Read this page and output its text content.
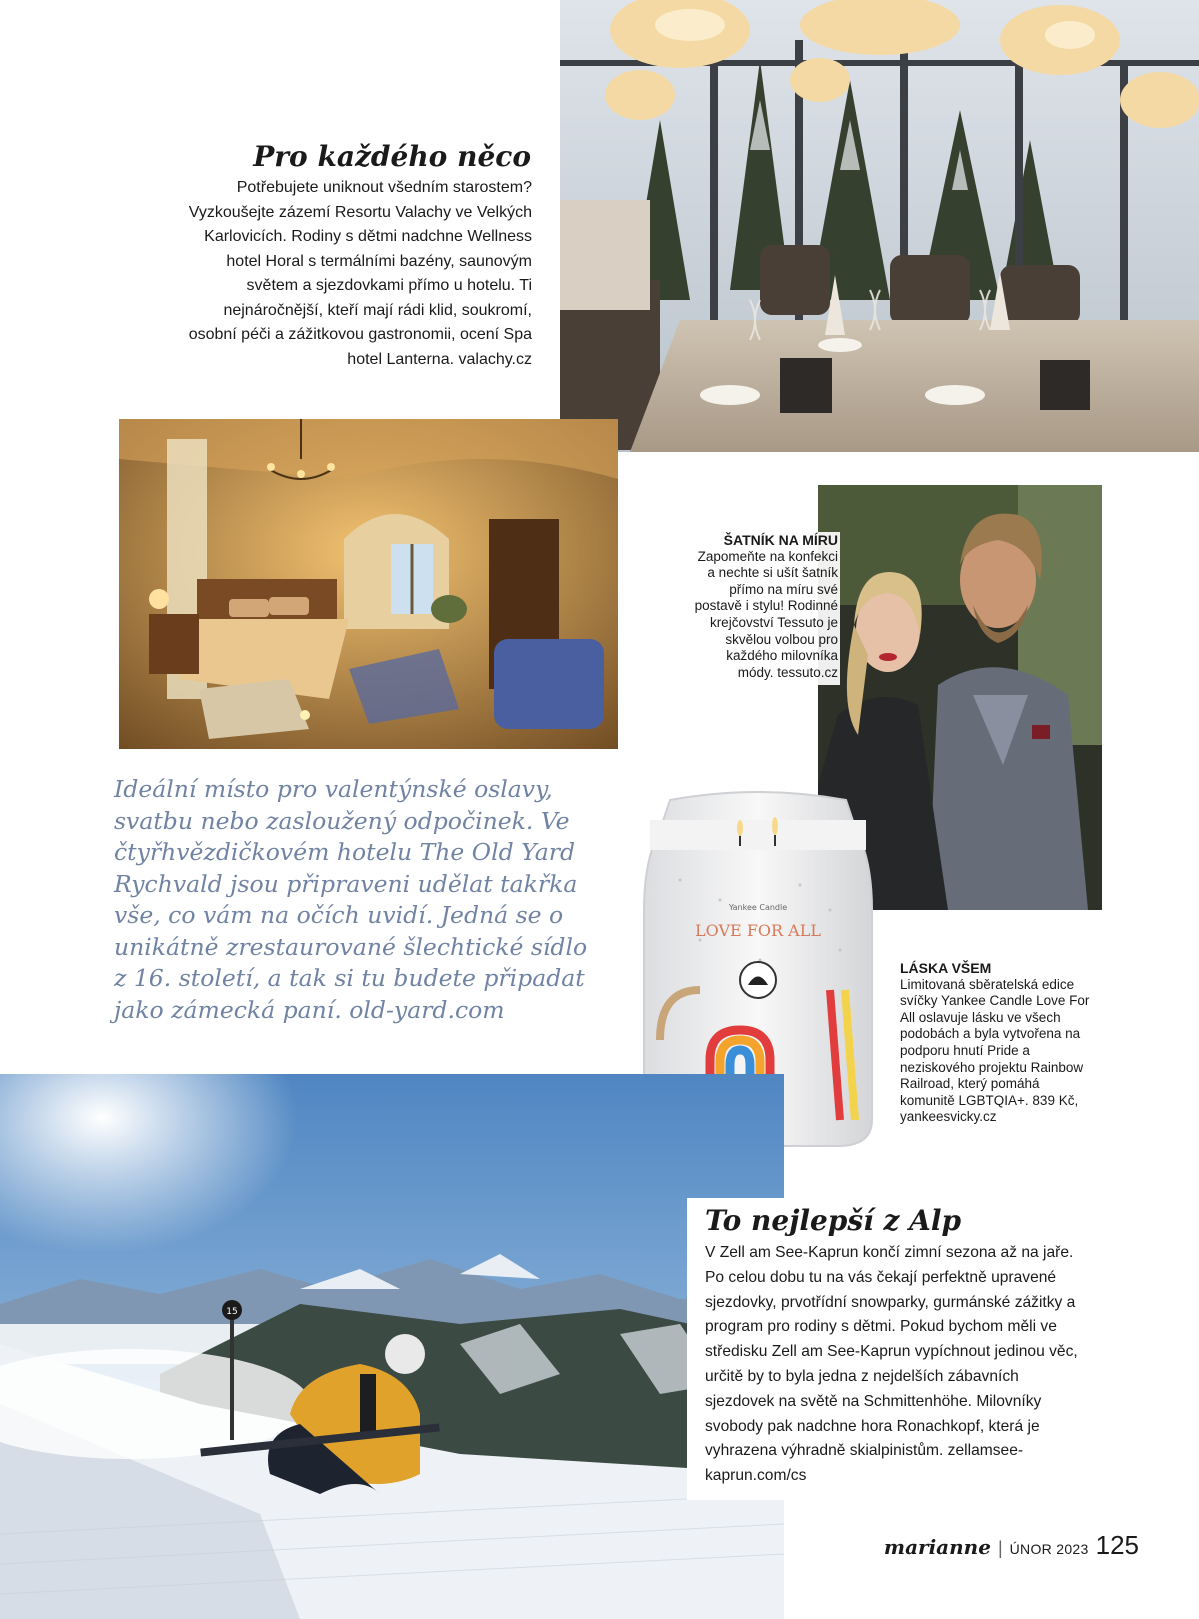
Pro každého něco
Potřebujete uniknout všedním starostem? Vyzkoušejte zázemí Resortu Valachy ve Velkých Karlovicích. Rodiny s dětmi nadchne Wellness hotel Horal s termálními bazény, saunovým světem a sjezdovkami přímo u hotelu. Ti nejnáročnější, kteří mají rádi klid, soukromí, osobní péči a zážitkovou gastronomii, ocení Spa hotel Lanterna. valachy.cz
ŠATNÍK NA MÍRU
Zapomeňte na konfekci a nechte si ušít šatník přímo na míru své postavě i stylu! Rodinné krejčovství Tessuto je skvělou volbou pro každého milovníka módy. tessuto.cz
Yankee Candle
LOVE FOR ALL
LÁSKA VŠEM
Limitovaná sběratelská edice svíčky Yankee Candle Love For All oslavuje lásku ve všech podobách a byla vytvořena na podporu hnutí Pride a neziskového projektu Rainbow Railroad, který pomáhá komunitě LGBTQIA+. 839 Kč, yankeesvicky.cz
Ideální místo pro valentýnské oslavy, svatbu nebo zasloužený odpočinek. Ve čtyřhvězdičkovém hotelu The Old Yard Rychvald jsou připraveni udělat takřka vše, co vám na očích uvidí. Jedná se o unikátně zrestaurované šlechtické sídlo z 16. století, a tak si tu budete připadat jako zámecká paní. old-yard.com
15
To nejlepší z Alp
V Zell am See-Kaprun končí zimní sezona až na jaře. Po celou dobu tu na vás čekají perfektně upravené sjezdovky, prvotřídní snowparky, gurmánské zážitky a program pro rodiny s dětmi. Pokud bychom měli ve středisku Zell am See-Kaprun vypíchnout jedinou věc, určitě by to byla jedna z nejdelších zábavních sjezdovek na světě na Schmittenhöhe. Milovníky svobody pak nadchne hora Ronachkopf, která je vyhrazena výhradně skialpinistům. zellamsee-kaprun.com/cs
marianne | ÚNOR 2023 125
